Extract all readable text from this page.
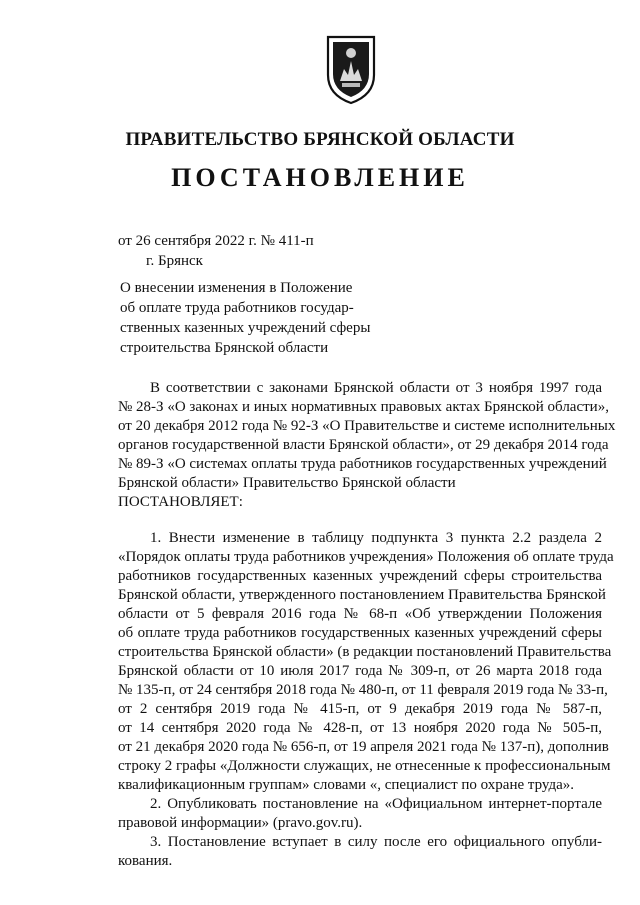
ПРАВИТЕЛЬСТВО БРЯНСКОЙ ОБЛАСТИ
ПОСТАНОВЛЕНИЕ
от 26 сентября 2022 г. № 411-п
г. Брянск
О внесении изменения в Положение
об оплате труда работников государ-
ственных казенных учреждений сферы
строительства Брянской области
В соответствии с законами Брянской области от 3 ноября 1997 года
№ 28-З «О законах и иных нормативных правовых актах Брянской области»,
от 20 декабря 2012 года № 92-З «О Правительстве и системе исполнительных
органов государственной власти Брянской области», от 29 декабря 2014 года
№ 89-З «О системах оплаты труда работников государственных учреждений
Брянской области» Правительство Брянской области
ПОСТАНОВЛЯЕТ:
1. Внести изменение в таблицу подпункта 3 пункта 2.2 раздела 2
«Порядок оплаты труда работников учреждения» Положения об оплате труда
работников государственных казенных учреждений сферы строительства
Брянской области, утвержденного постановлением Правительства Брянской
области от 5 февраля 2016 года № 68-п «Об утверждении Положения
об оплате труда работников государственных казенных учреждений сферы
строительства Брянской области» (в редакции постановлений Правительства
Брянской области от 10 июля 2017 года № 309-п, от 26 марта 2018 года
№ 135-п, от 24 сентября 2018 года № 480-п, от 11 февраля 2019 года № 33-п,
от 2 сентября 2019 года № 415-п, от 9 декабря 2019 года № 587-п,
от 14 сентября 2020 года № 428-п, от 13 ноября 2020 года № 505-п,
от 21 декабря 2020 года № 656-п, от 19 апреля 2021 года № 137-п), дополнив
строку 2 графы «Должности служащих, не отнесенные к профессиональным
квалификационным группам» словами «, специалист по охране труда».
2. Опубликовать постановление на «Официальном интернет-портале
правовой информации» (pravo.gov.ru).
3. Постановление вступает в силу после его официального опубли-
кования.
